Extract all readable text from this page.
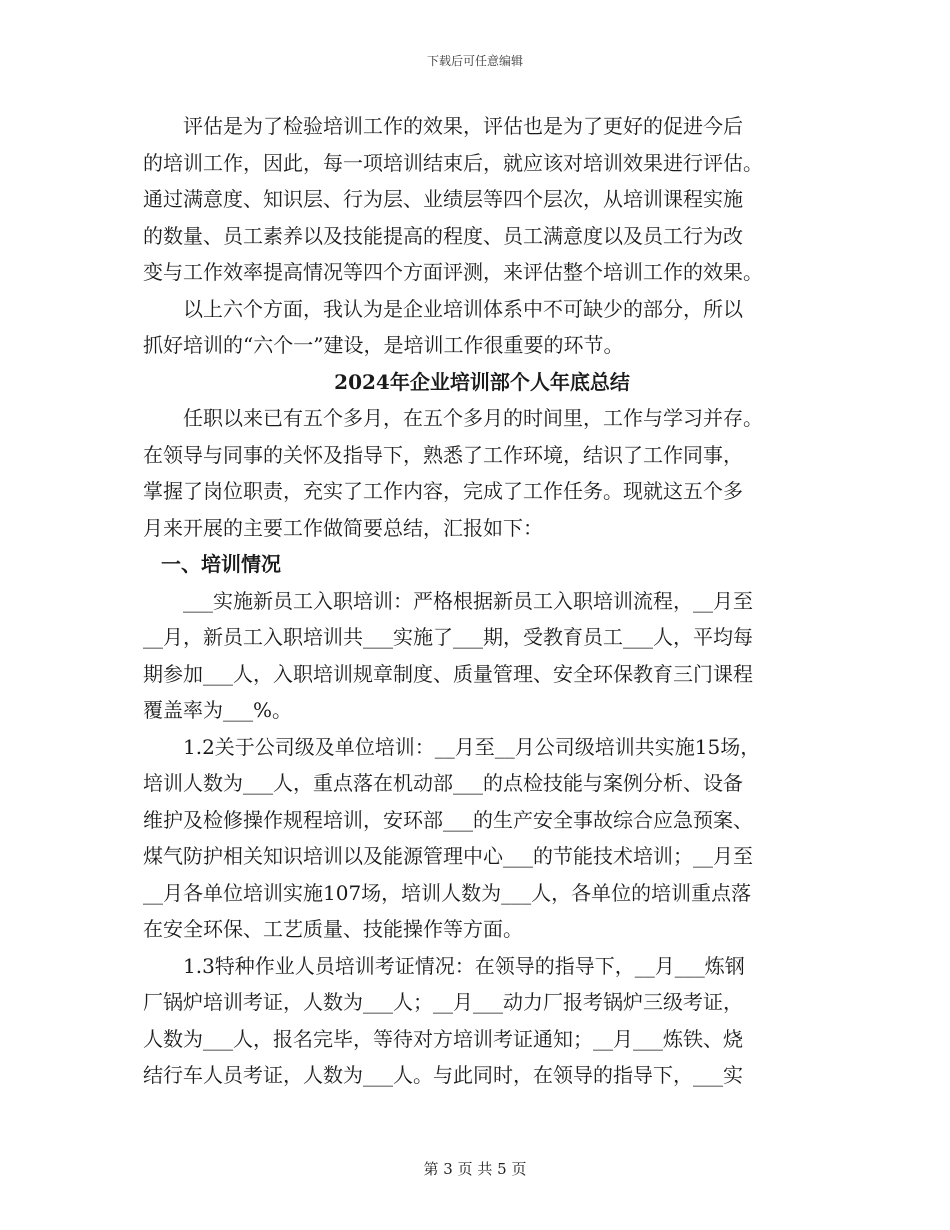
下载后可任意编辑
评估是为了检验培训工作的效果，评估也是为了更好的促进今后
的培训工作，因此，每一项培训结束后，就应该对培训效果进行评估。
通过满意度、知识层、行为层、业绩层等四个层次，从培训课程实施
的数量、员工素养以及技能提高的程度、员工满意度以及员工行为改
变与工作效率提高情况等四个方面评测，来评估整个培训工作的效果。
以上六个方面，我认为是企业培训体系中不可缺少的部分，所以
抓好培训的“六个一”建设，是培训工作很重要的环节。
2024年企业培训部个人年底总结
任职以来已有五个多月，在五个多月的时间里，工作与学习并存。
在领导与同事的关怀及指导下，熟悉了工作环境，结识了工作同事，
掌握了岗位职责，充实了工作内容，完成了工作任务。现就这五个多
月来开展的主要工作做简要总结，汇报如下：
一、培训情况
___实施新员工入职培训：严格根据新员工入职培训流程，__月至
__月，新员工入职培训共___实施了___期，受教育员工___人，平均每
期参加___人，入职培训规章制度、质量管理、安全环保教育三门课程
覆盖率为___%。
1.2关于公司级及单位培训：__月至__月公司级培训共实施15场，
培训人数为___人，重点落在机动部___的点检技能与案例分析、设备
维护及检修操作规程培训，安环部___的生产安全事故综合应急预案、
煤气防护相关知识培训以及能源管理中心___的节能技术培训；__月至
__月各单位培训实施107场，培训人数为___人，各单位的培训重点落
在安全环保、工艺质量、技能操作等方面。
1.3特种作业人员培训考证情况：在领导的指导下，__月___炼钢
厂锅炉培训考证，人数为___人；__月___动力厂报考锅炉三级考证，
人数为___人，报名完毕，等待对方培训考证通知；__月___炼铁、烧
结行车人员考证，人数为___人。与此同时，在领导的指导下，___实
第 3 页 共 5 页
